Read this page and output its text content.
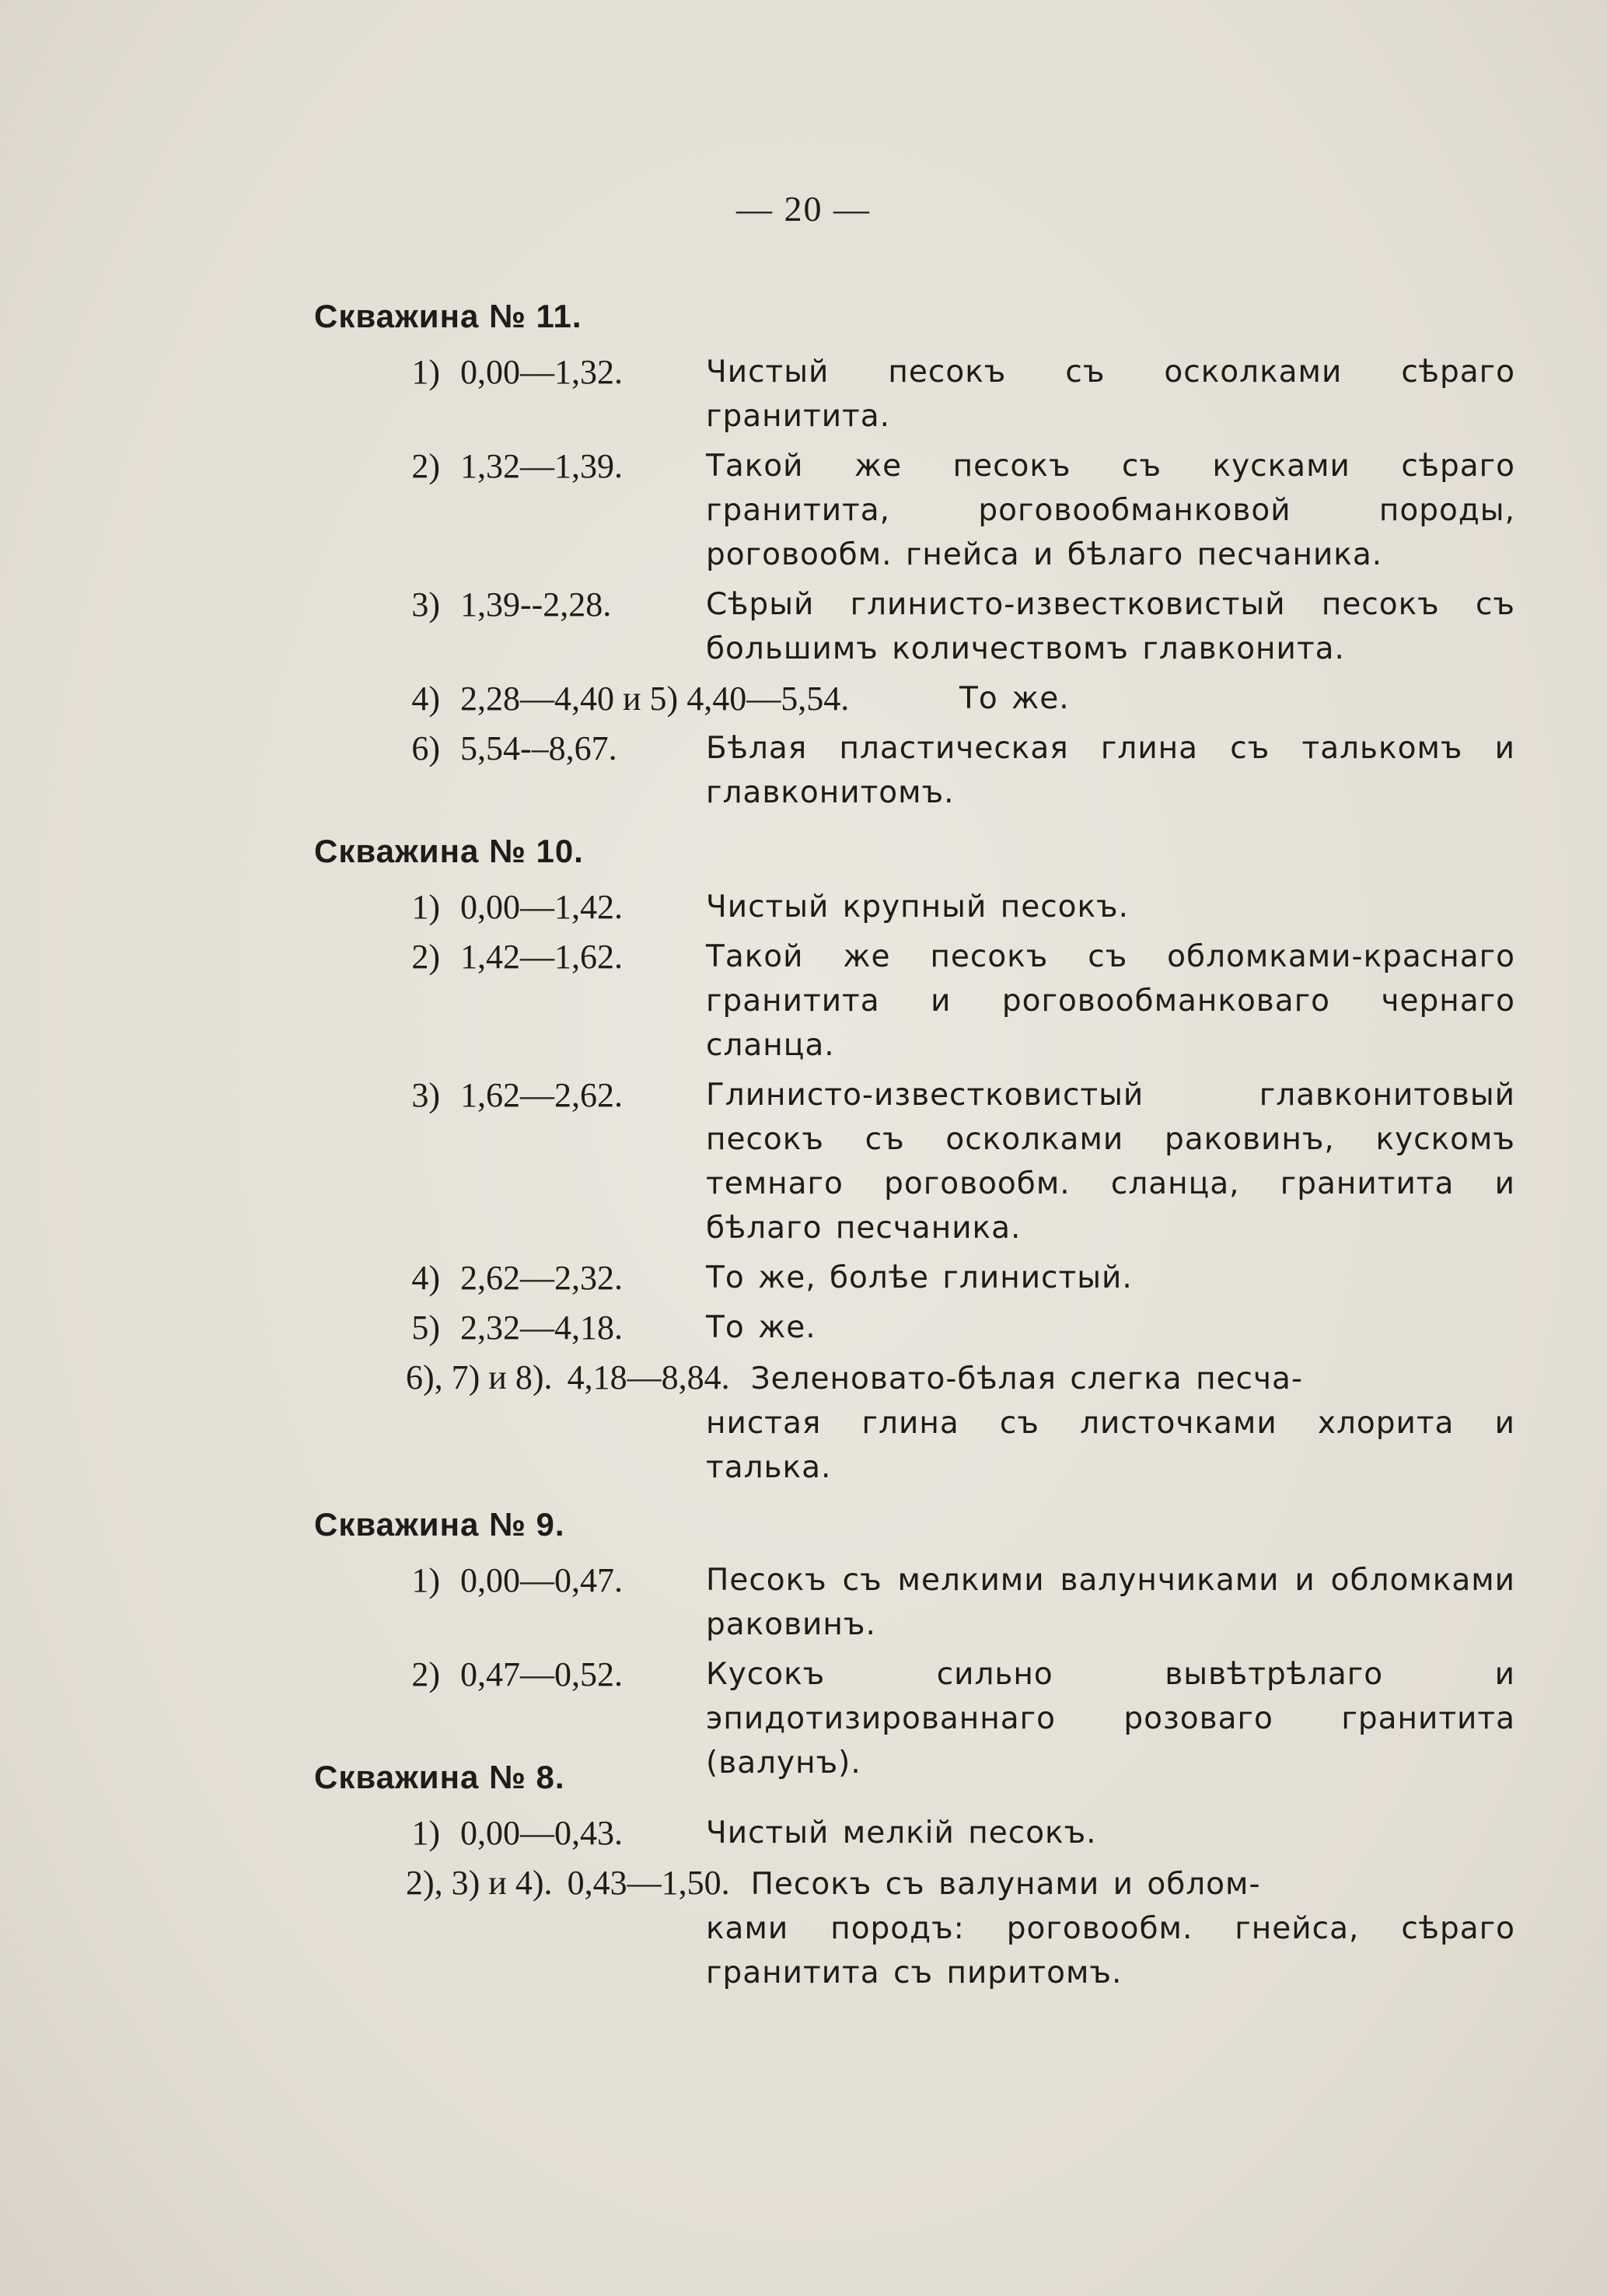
— 20 —
Скважина № 11.
1) 0,00—1,32.	Чистый песокъ съ осколками сѣраго гранитита.
2) 1,32—1,39.	Такой же песокъ съ кусками сѣраго гранитита, роговообманковой породы, роговообм. гнейса и бѣлаго песчаника.
3) 1,39--2,28.	Сѣрый глинисто-известковистый песокъ съ большимъ количествомъ главконита.
4) 2,28—4,40 и 5) 4,40—5,54.	То же.
6) 5,54-–8,67.	Бѣлая пластическая глина съ талькомъ и главконитомъ.
Скважина № 10.
1) 0,00—1,42.	Чистый крупный песокъ.
2) 1,42—1,62.	Такой же песокъ съ обломками-краснаго гранитита и роговообманковаго чернаго сланца.
3) 1,62—2,62.	Глинисто-известковистый главконитовый песокъ съ осколками раковинъ, кускомъ темнаго роговообм. сланца, гранитита и бѣлаго песчаника.
4) 2,62—2,32.	То же, болѣе глинистый.
5) 2,32—4,18.	То же.
6), 7) и 8). 4,18—8,84. Зеленовато-бѣлая слегка песча-
нистая глина съ листочками хлорита и талька.
Скважина № 9.
1) 0,00—0,47.	Песокъ съ мелкими валунчиками и обломками раковинъ.
2) 0,47—0,52.	Кусокъ сильно вывѣтрѣлаго и эпидотизированнаго розоваго гранитита (валунъ).
Скважина № 8.
1) 0,00—0,43.	Чистый мелкій песокъ.
2), 3) и 4). 0,43—1,50. Песокъ съ валунами и облом-
ками породъ: роговообм. гнейса, сѣраго гранитита съ пиритомъ.
